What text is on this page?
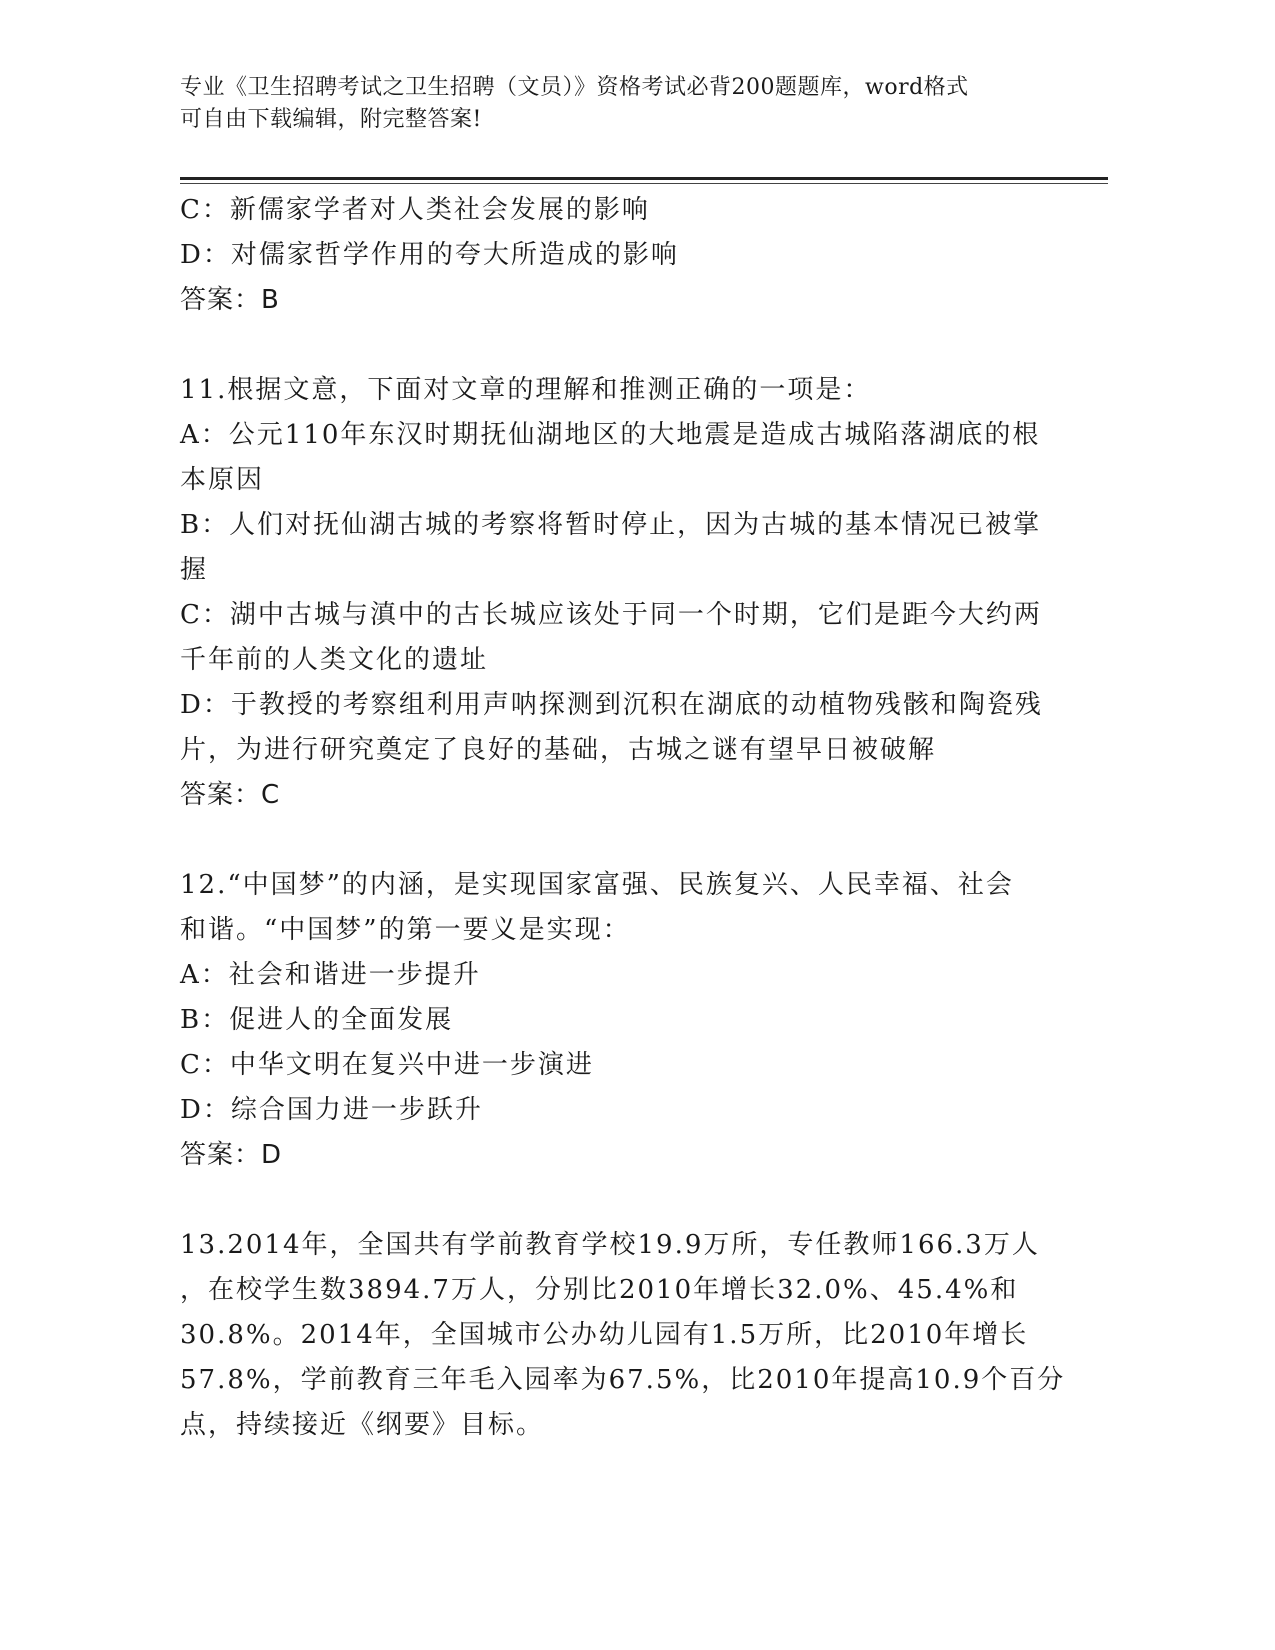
专业《卫生招聘考试之卫生招聘（文员）》资格考试必背200题题库，word格式
可自由下载编辑，附完整答案!
C：新儒家学者对人类社会发展的影响
D：对儒家哲学作用的夸大所造成的影响
答案：B
11.根据文意，下面对文章的理解和推测正确的一项是：
A：公元110年东汉时期抚仙湖地区的大地震是造成古城陷落湖底的根
本原因
B：人们对抚仙湖古城的考察将暂时停止，因为古城的基本情况已被掌
握
C：湖中古城与滇中的古长城应该处于同一个时期，它们是距今大约两
千年前的人类文化的遗址
D：于教授的考察组利用声呐探测到沉积在湖底的动植物残骸和陶瓷残
片，为进行研究奠定了良好的基础，古城之谜有望早日被破解
答案：C
12.“中国梦”的内涵，是实现国家富强、民族复兴、人民幸福、社会
和谐。“中国梦”的第一要义是实现：
A：社会和谐进一步提升
B：促进人的全面发展
C：中华文明在复兴中进一步演进
D：综合国力进一步跃升
答案：D
13.2014年，全国共有学前教育学校19.9万所，专任教师166.3万人
，在校学生数3894.7万人，分别比2010年增长32.0%、45.4%和
30.8%。2014年，全国城市公办幼儿园有1.5万所，比2010年增长
57.8%，学前教育三年毛入园率为67.5%，比2010年提高10.9个百分
点，持续接近《纲要》目标。
